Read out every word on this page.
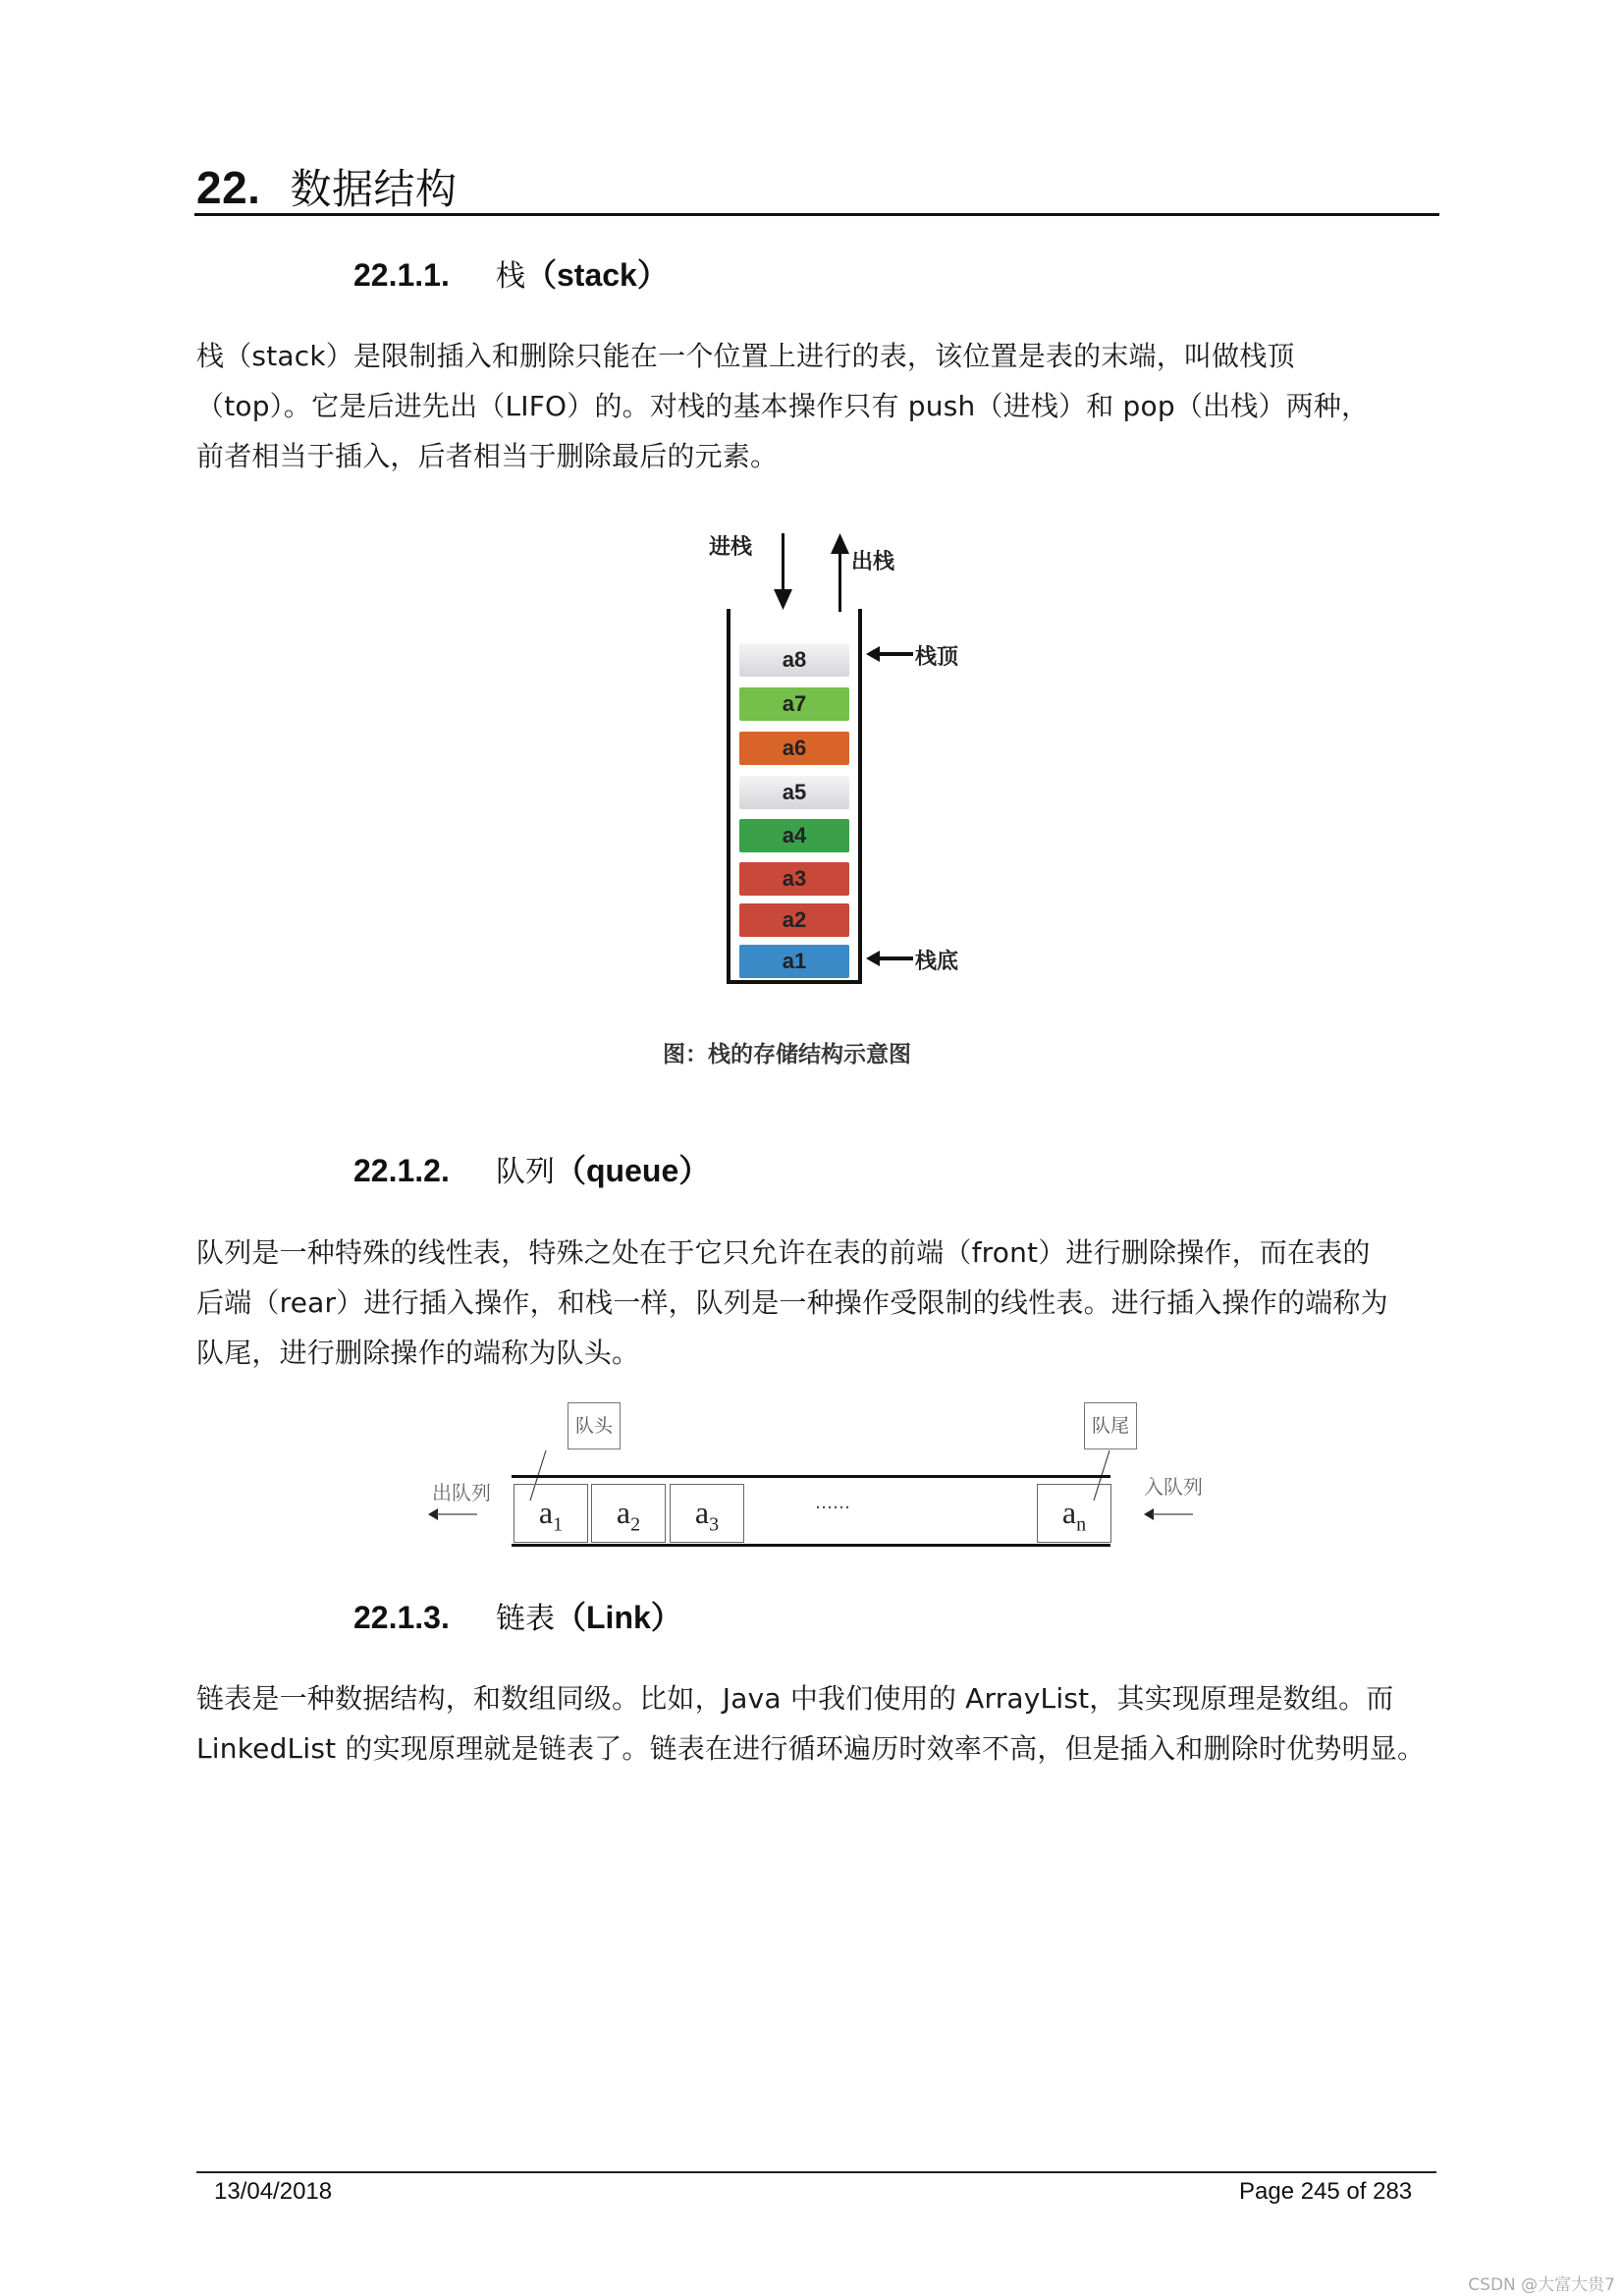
22. 数据结构
22.1.1. 栈（stack）

栈（stack）是限制插入和删除只能在一个位置上进行的表，该位置是表的末端，叫做栈顶

（top）。它是后进先出（LIFO）的。对栈的基本操作只有 push（进栈）和 pop（出栈）两种，

前者相当于插入，后者相当于删除最后的元素。

进栈
出栈
a8
a7
a6
a5
a4
a3
a2
a1
栈顶
栈底
图：栈的存储结构示意图
22.1.2. 队列（queue）

队列是一种特殊的线性表，特殊之处在于它只允许在表的前端（front）进行删除操作，而在表的

后端（rear）进行插入操作，和栈一样，队列是一种操作受限制的线性表。进行插入操作的端称为

队尾，进行删除操作的端称为队头。

队头	队尾
$a_1$	$a_2$	$a_3$
……	$a_n$
出队列	入队列
22.1.3. 链表（Link）

链表是一种数据结构，和数组同级。比如，Java 中我们使用的 ArrayList，其实现原理是数组。而

LinkedList 的实现原理就是链表了。链表在进行循环遍历时效率不高，但是插入和删除时优势明显。

13/04/2018	Page 245 of 283
CSDN @大富大贵7
